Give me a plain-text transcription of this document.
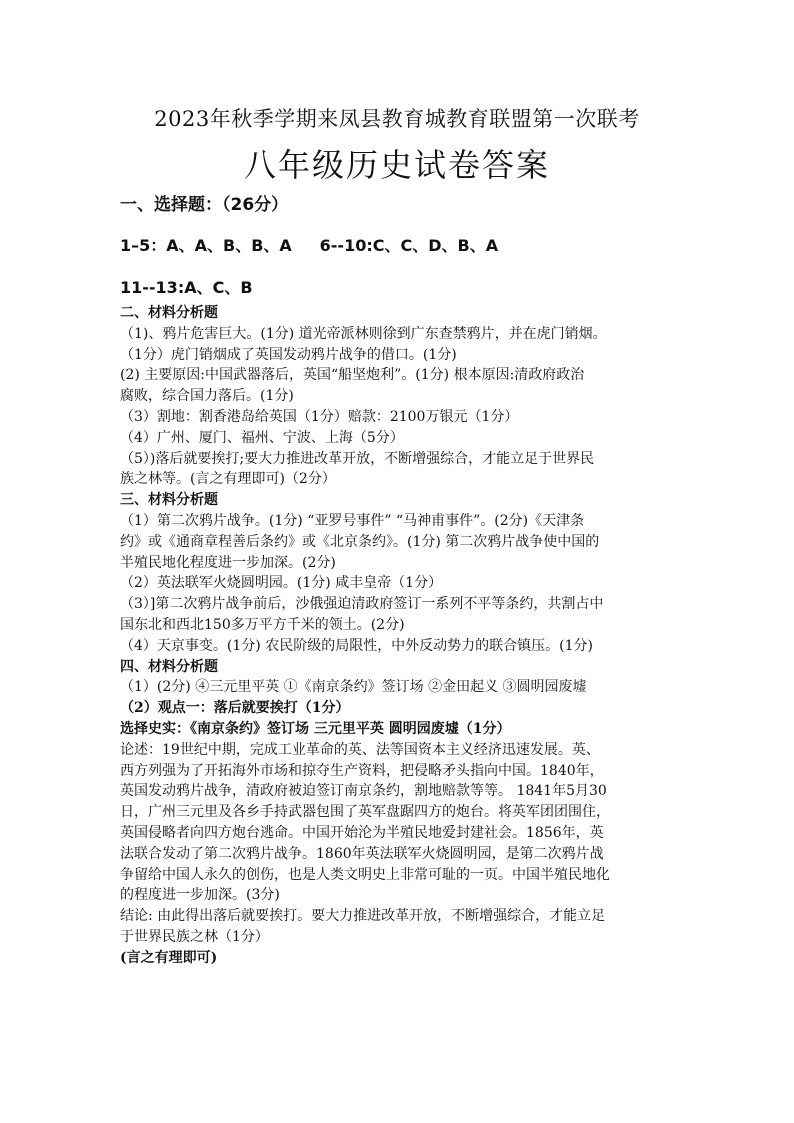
2023年秋季学期来凤县教育城教育联盟第一次联考
八年级历史试卷答案
一、选择题：（26分）
1–5：A、A、B、B、A     6--10:C、C、D、B、A
11--13:A、C、B
二、材料分析题
（1)、鸦片危害巨大。(1分) 道光帝派林则徐到广东查禁鸦片，并在虎门销烟。
（1分）虎门销烟成了英国发动鸦片战争的借口。(1分)
(2) 主要原因:中国武器落后，英国“船坚炮利”。(1分) 根本原因:清政府政治
腐败，综合国力落后。(1分)
（3）割地：割香港岛给英国（1分）赔款：2100万银元（1分）
（4）广州、厦门、福州、宁波、上海（5分）
（5）)落后就要挨打;要大力推进改革开放，不断增强综合，才能立足于世界民
族之林等。(言之有理即可)（2分）
三、材料分析题
（1）第二次鸦片战争。(1分) “亚罗号事件” “马神甫事件”。(2分)《天津条
约》或《通商章程善后条约》或《北京条约》。(1分) 第二次鸦片战争使中国的
半殖民地化程度进一步加深。(2分)
（2）英法联军火烧圆明园。(1分) 咸丰皇帝（1分）
（3）]第二次鸦片战争前后，沙俄强迫清政府签订一系列不平等条约，共割占中
国东北和西北150多万平方千米的领土。(2分)
（4）天京事变。(1分) 农民阶级的局限性，中外反动势力的联合镇压。(1分)
四、材料分析题
（1）(2分) ④三元里平英 ①《南京条约》签订场 ②金田起义 ③圆明园废墟
（2）观点一：落后就要挨打（1分）
选择史实：《南京条约》签订场 三元里平英 圆明园废墟（1分）
论述：19世纪中期，完成工业革命的英、法等国资本主义经济迅速发展。英、
西方列强为了开拓海外市场和掠夺生产资料，把侵略矛头指向中国。1840年，
英国发动鸦片战争，清政府被迫签订南京条约，割地赔款等等。 1841年5月30
日，广州三元里及各乡手持武器包围了英军盘踞四方的炮台。将英军团团围住，
英国侵略者向四方炮台逃命。中国开始沦为半殖民地爱封建社会。1856年，英
法联合发动了第二次鸦片战争。1860年英法联军火烧圆明园，是第二次鸦片战
争留给中国人永久的创伤，也是人类文明史上非常可耻的一页。中国半殖民地化
的程度进一步加深。(3分)
结论: 由此得出落后就要挨打。要大力推进改革开放，不断增强综合，才能立足
于世界民族之林（1分）
(言之有理即可)
